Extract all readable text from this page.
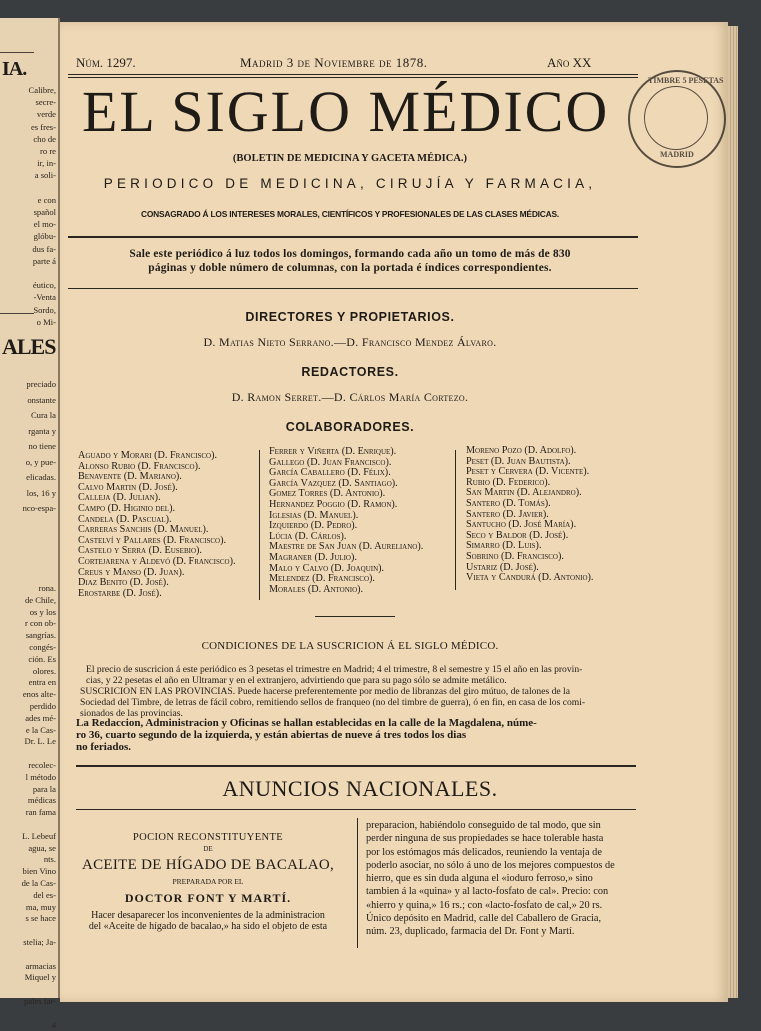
IA.
Calibre,
secre-
verde
es fres-
cho de
ro re
ir, in-
a soli-
e con
spañol
el mo-
glóbu-
dus fa-
parte á
éutico,
-Venta
Sordo,
o Mi-
ALES
preciado
onstante
Cura la
rganta y
no tiene
o, y pue-
elicadas.
los, 16 y
nco-espa-
rona.
de Chile,
os y los
r con ob-
sangrías.
congés-
ción. Es
olores.
entra en
enos alte-
perdido
ades mé-
e la Cas-
Dr. L. Le
recolec-
l método
para la
médicas
ran fama
L. Lebeuf
agua, se
nts.
bien Vino
de la Cas-
del es-
ma, muy
s se hace
stelia; Ja-
armacias
Miquel y
pales far-
4
Núm. 1297.	Madrid 3 de Noviembre de 1878.	Año XX
EL SIGLO MÉDICO	TIMBRE 5 PESETAS
MADRID
(BOLETIN DE MEDICINA Y GACETA MÉDICA.)
PERIODICO DE MEDICINA, CIRUJÍA Y FARMACIA,
CONSAGRADO Á LOS INTERESES MORALES, CIENTÍFICOS Y PROFESIONALES DE LAS CLASES MÉDICAS.
Sale este periódico á luz todos los domingos, formando cada año un tomo de más de 830
páginas y doble número de columnas, con la portada é índices correspondientes.
DIRECTORES Y PROPIETARIOS.
D. Matias Nieto Serrano.—D. Francisco Mendez Álvaro.
REDACTORES.
D. Ramon Serret.—D. Cárlos María Cortezo.
COLABORADORES.
Aguado y Morari (D. Francisco).
Alonso Rubio (D. Francisco).
Benavente (D. Mariano).
Calvo Martin (D. José).
Calleja (D. Julian).
Campo (D. Higinio del).
Candela (D. Pascual).
Carreras Sanchis (D. Manuel).
Castelví y Pallares (D. Francisco).
Castelo y Serra (D. Eusebio).
Cortejarena y Aldevó (D. Francisco).
Creus y Manso (D. Juan).
Diaz Benito (D. José).
Erostarbe (D. José).
Ferrer y Viñerta (D. Enrique).
Gallego (D. Juan Francisco).
García Caballero (D. Félix).
García Vazquez (D. Santiago).
Gomez Torres (D. Antonio).
Hernandez Poggio (D. Ramon).
Iglesias (D. Manuel).
Izquierdo (D. Pedro).
Lúcia (D. Cárlos).
Maestre de San Juan (D. Aureliano).
Magraner (D. Julio).
Malo y Calvo (D. Joaquin).
Melendez (D. Francisco).
Morales (D. Antonio).
Moreno Pozo (D. Adolfo).
Peset (D. Juan Bautista).
Peset y Cervera (D. Vicente).
Rubio (D. Federico).
San Martin (D. Alejandro).
Santero (D. Tomás).
Santero (D. Javier).
Santucho (D. José María).
Seco y Baldor (D. José).
Simarro (D. Luis).
Sobrino (D. Francisco).
Ustariz (D. José).
Vieta y Candurá (D. Antonio).
CONDICIONES DE LA SUSCRICION Á EL SIGLO MÉDICO.
El precio de suscricion á este periódico es 3 pesetas el trimestre en Madrid; 4 el trimestre, 8 el semestre y 15 el año en las provin-
cias, y 22 pesetas el año en Ultramar y en el extranjero, advirtiendo que para su pago sólo se admite metálico.
SUSCRICION EN LAS PROVINCIAS. Puede hacerse preferentemente por medio de libranzas del giro mútuo, de talones de la
Sociedad del Timbre, de letras de fácil cobro, remitiendo sellos de franqueo (no del timbre de guerra), ó en fin, en casa de los comi-
sionados de las provincias.
La Redaccion, Administracion y Oficinas se hallan establecidas en la calle de la Magdalena, núme-
ro 36, cuarto segundo de la izquierda, y están abiertas de nueve á tres todos los dias
no feriados.
ANUNCIOS NACIONALES.
POCION RECONSTITUYENTE
DE
ACEITE DE HÍGADO DE BACALAO,
PREPARADA POR EL
DOCTOR FONT Y MARTÍ.
Hacer desaparecer los inconvenientes de la administracion
del «Aceite de hígado de bacalao,» ha sido el objeto de esta
preparacion, habiéndolo conseguido de tal modo, que sin
perder ninguna de sus propiedades se hace tolerable hasta
por los estómagos más delicados, reuniendo la ventaja de
poderlo asociar, no sólo á uno de los mejores compuestos de
hierro, que es sin duda alguna el «ioduro ferroso,» sino
tambien á la «quina» y al lacto-fosfato de cal». Precio: con
«hierro y quina,» 16 rs.; con «lacto-fosfato de cal,» 20 rs.
Único depósito en Madrid, calle del Caballero de Gracia,
núm. 23, duplicado, farmacia del Dr. Font y Martí.
